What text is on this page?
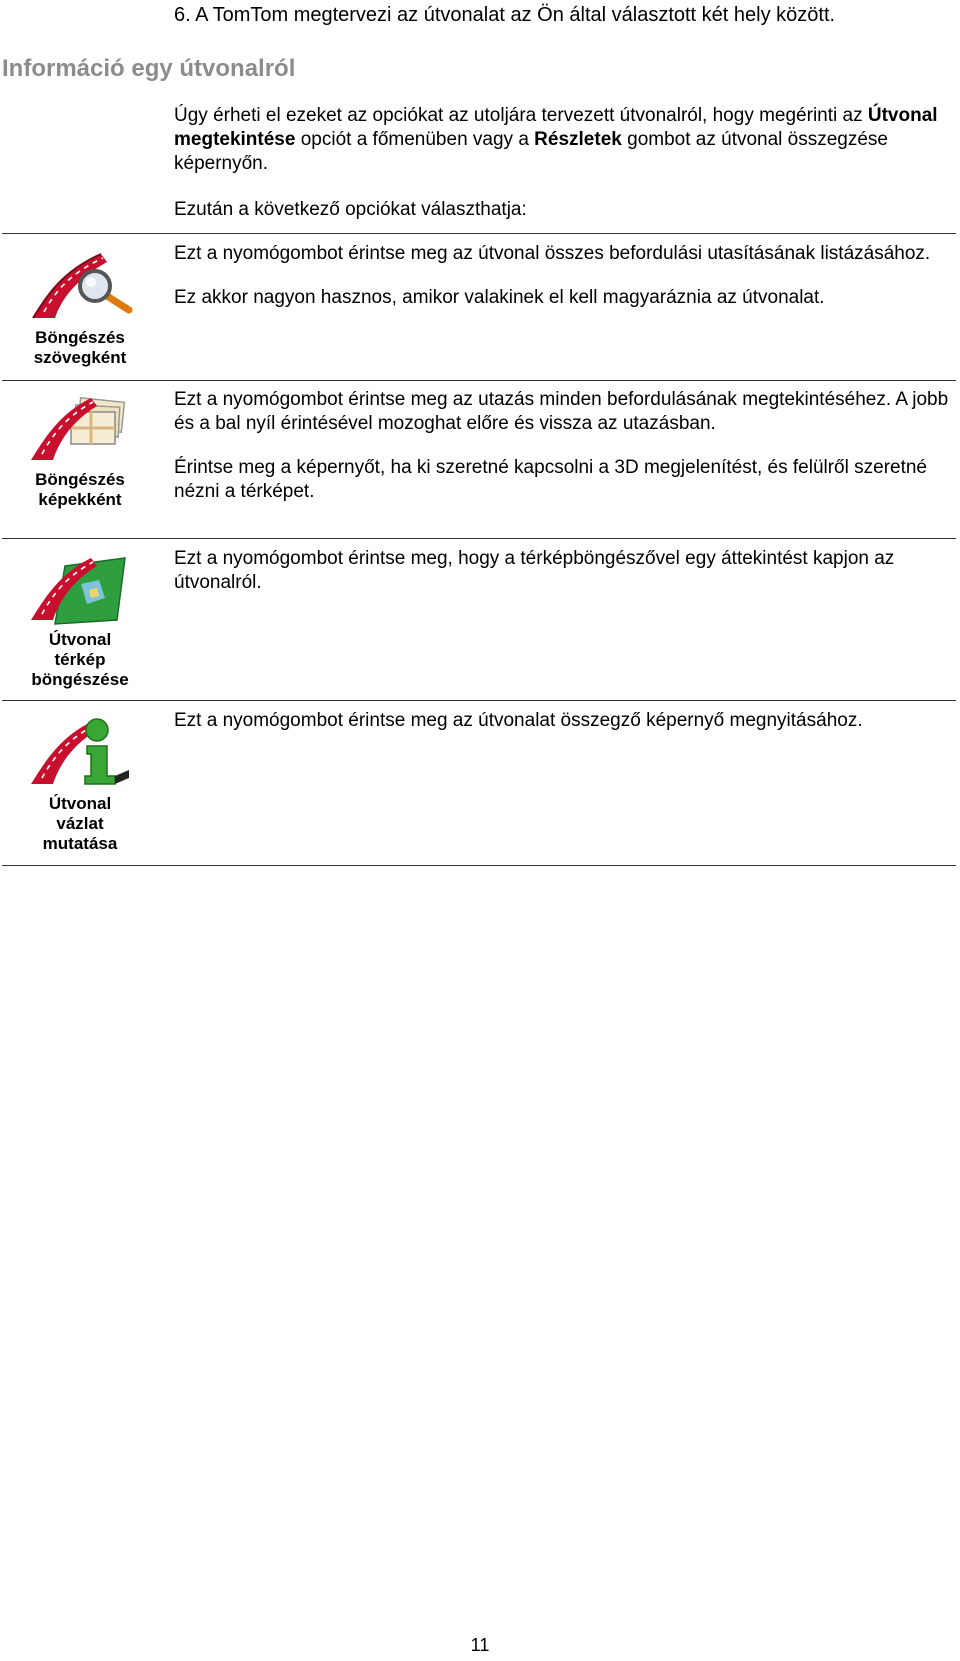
6. A TomTom megtervezi az útvonalat az Ön által választott két hely között.
Információ egy útvonalról

Úgy érheti el ezeket az opciókat az utoljára tervezett útvonalról, hogy megérinti az Útvonal megtekintése opciót a főmenüben vagy a Részletek gombot az útvonal összegzése képernyőn.

Ezután a következő opciókat választhatja:

Böngészés
szövegként

Ezt a nyomógombot érintse meg az útvonal összes befordulási utasításának listázásához.

Ez akkor nagyon hasznos, amikor valakinek el kell magyaráznia az útvonalat.

Böngészés
képekként

Ezt a nyomógombot érintse meg az utazás minden befordulásának megtekintéséhez. A jobb és a bal nyíl érintésével mozoghat előre és vissza az utazásban.

Érintse meg a képernyőt, ha ki szeretné kapcsolni a 3D megjelenítést, és felülről szeretné nézni a térképet.

Útvonal
térkép
böngészése

Ezt a nyomógombot érintse meg, hogy a térképböngészővel egy áttekintést kapjon az útvonalról.

Útvonal
vázlat
mutatása

Ezt a nyomógombot érintse meg az útvonalat összegző képernyő megnyitásához.

11
